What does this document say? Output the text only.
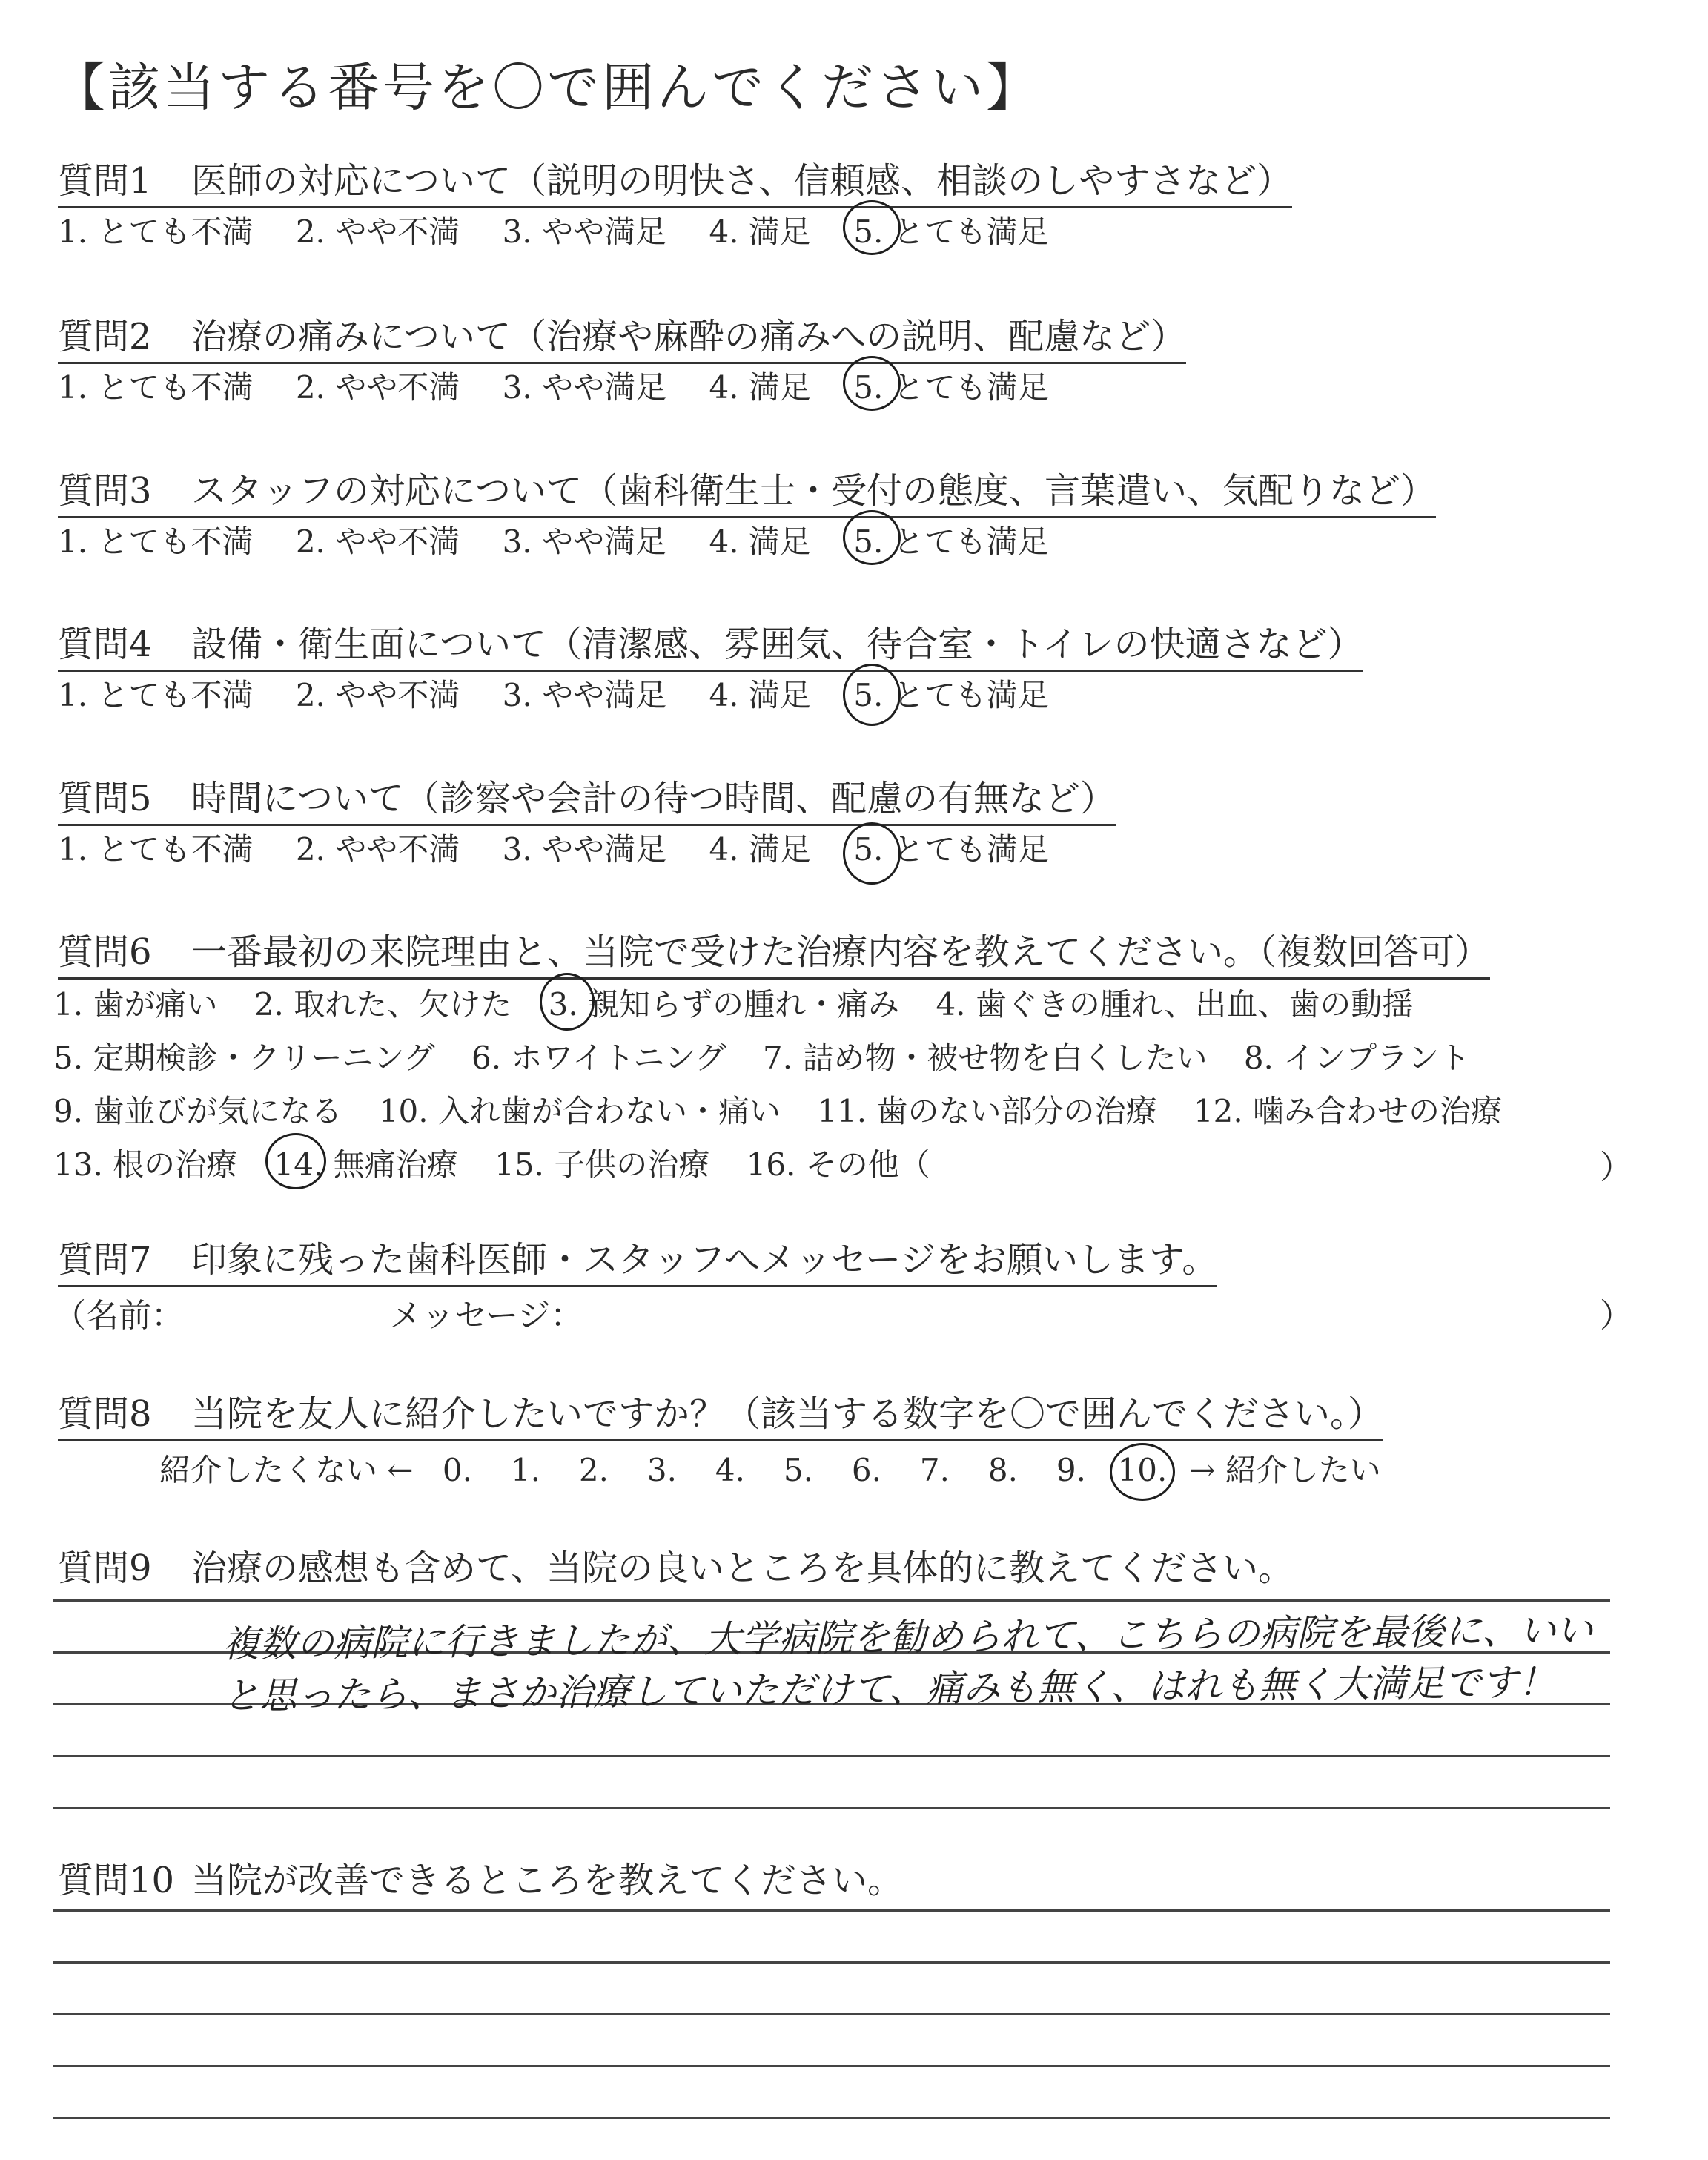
【該当する番号を〇で囲んでください】
質問1 医師の対応について（説明の明快さ、信頼感、相談のしやすさなど）
1. とても不満 2. やや不満 3. やや満足 4. 満足 5. とても満足
質問2 治療の痛みについて（治療や麻酔の痛みへの説明、配慮など）
1. とても不満 2. やや不満 3. やや満足 4. 満足 5. とても満足
質問3 スタッフの対応について（歯科衛生士・受付の態度、言葉遣い、気配りなど）
1. とても不満 2. やや不満 3. やや満足 4. 満足 5. とても満足
質問4 設備・衛生面について（清潔感、雰囲気、待合室・トイレの快適さなど）
1. とても不満 2. やや不満 3. やや満足 4. 満足 5. とても満足
質問5 時間について（診察や会計の待つ時間、配慮の有無など）
1. とても不満 2. やや不満 3. やや満足 4. 満足 5. とても満足
質問6 一番最初の来院理由と、当院で受けた治療内容を教えてください。（複数回答可）
1. 歯が痛い 2. 取れた、欠けた 3. 親知らずの腫れ・痛み 4. 歯ぐきの腫れ、出血、歯の動揺
5. 定期検診・クリーニング 6. ホワイトニング 7. 詰め物・被せ物を白くしたい 8. インプラント
9. 歯並びが気になる 10. 入れ歯が合わない・痛い 11. 歯のない部分の治療 12. 噛み合わせの治療
13. 根の治療 14. 無痛治療 15. 子供の治療 16. その他（	）
質問7 印象に残った歯科医師・スタッフへメッセージをお願いします。
（名前：	メッセージ：	）
質問8 当院を友人に紹介したいですか？（該当する数字を〇で囲んでください。）
紹介したくない ← 0. 1. 2. 3. 4. 5. 6. 7. 8. 9. 10. → 紹介したい
質問9 治療の感想も含めて、当院の良いところを具体的に教えてください。
複数の病院に行きましたが、大学病院を勧められて、こちらの病院を最後に、いい
と思ったら、まさか治療していただけて、痛みも無く、はれも無く大満足です！
質問10 当院が改善できるところを教えてください。
